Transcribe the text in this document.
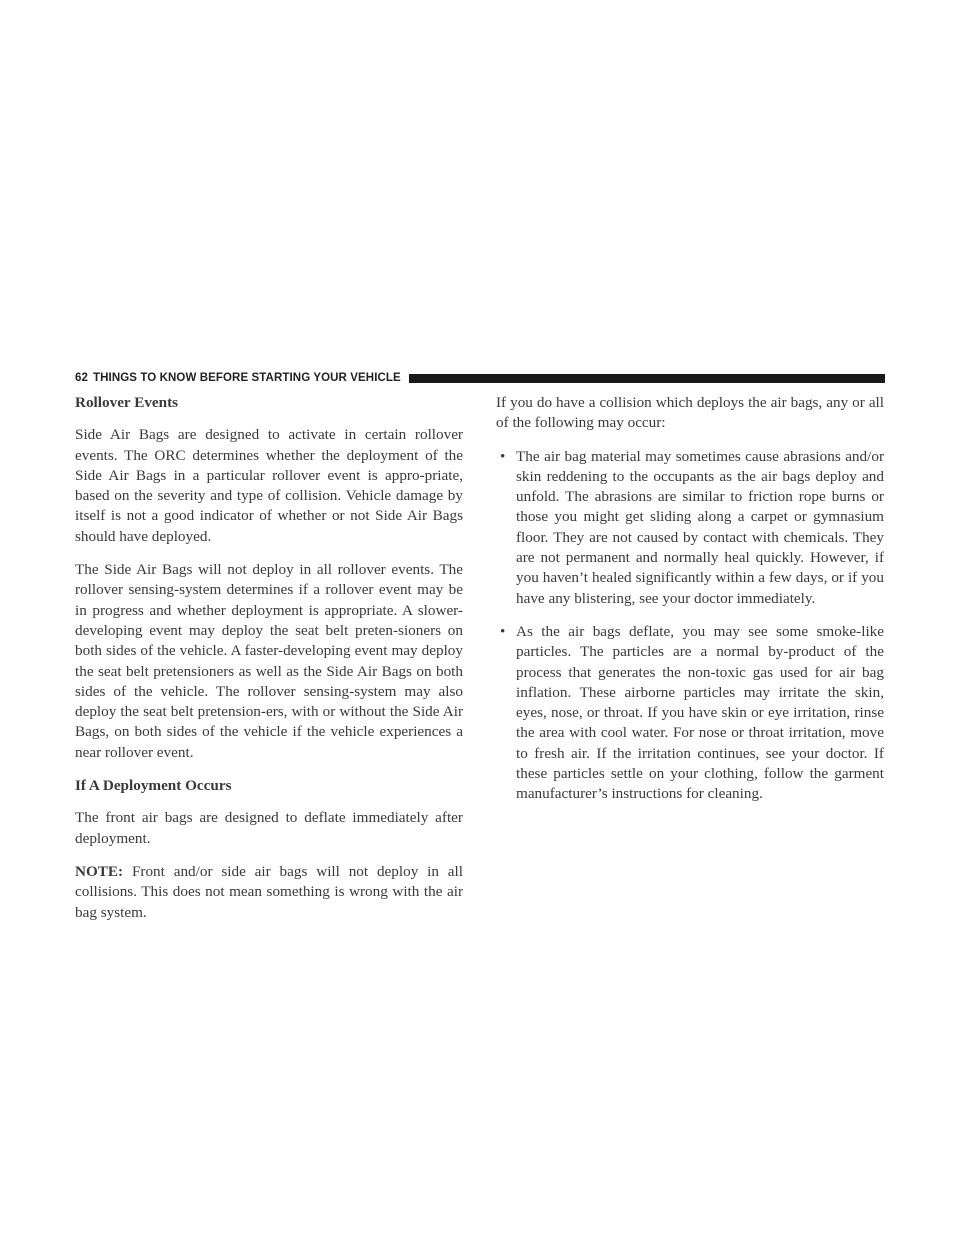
62 THINGS TO KNOW BEFORE STARTING YOUR VEHICLE
Rollover Events

Side Air Bags are designed to activate in certain rollover events. The ORC determines whether the deployment of the Side Air Bags in a particular rollover event is appro-priate, based on the severity and type of collision. Vehicle damage by itself is not a good indicator of whether or not Side Air Bags should have deployed.

The Side Air Bags will not deploy in all rollover events. The rollover sensing-system determines if a rollover event may be in progress and whether deployment is appropriate. A slower-developing event may deploy the seat belt preten-sioners on both sides of the vehicle. A faster-developing event may deploy the seat belt pretensioners as well as the Side Air Bags on both sides of the vehicle. The rollover sensing-system may also deploy the seat belt pretension-ers, with or without the Side Air Bags, on both sides of the vehicle if the vehicle experiences a near rollover event.

If A Deployment Occurs

The front air bags are designed to deflate immediately after deployment.

NOTE: Front and/or side air bags will not deploy in all collisions. This does not mean something is wrong with the air bag system.

If you do have a collision which deploys the air bags, any or all of the following may occur:

• The air bag material may sometimes cause abrasions and/or skin reddening to the occupants as the air bags deploy and unfold. The abrasions are similar to friction rope burns or those you might get sliding along a carpet or gymnasium floor. They are not caused by contact with chemicals. They are not permanent and normally heal quickly. However, if you haven’t healed significantly within a few days, or if you have any blistering, see your doctor immediately.
• As the air bags deflate, you may see some smoke-like particles. The particles are a normal by-product of the process that generates the non-toxic gas used for air bag inflation. These airborne particles may irritate the skin, eyes, nose, or throat. If you have skin or eye irritation, rinse the area with cool water. For nose or throat irritation, move to fresh air. If the irritation continues, see your doctor. If these particles settle on your clothing, follow the garment manufacturer’s instructions for cleaning.
